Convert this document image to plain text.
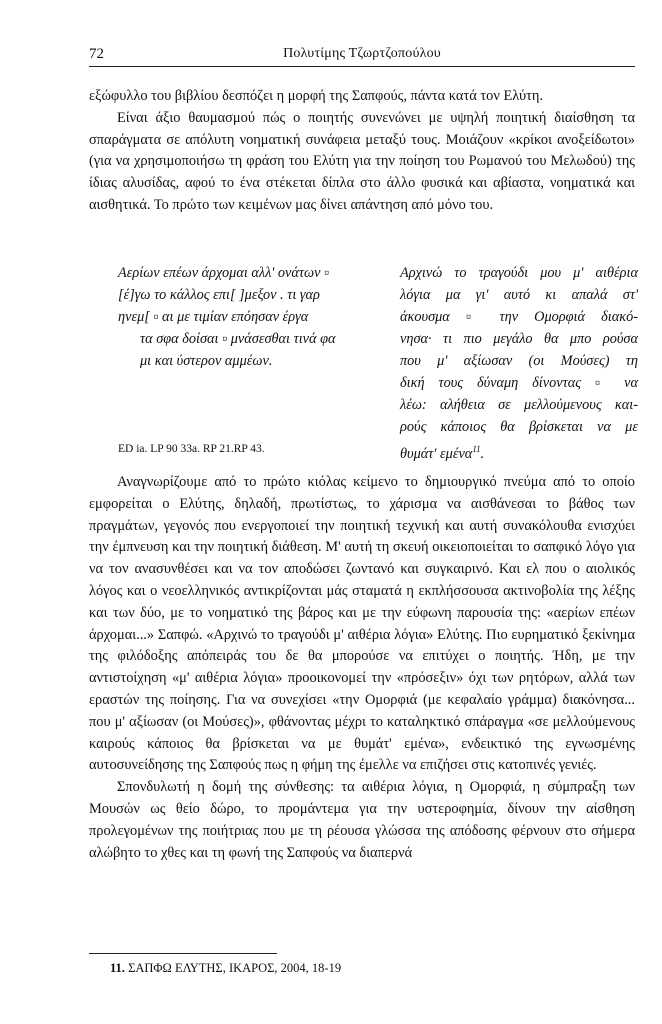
72	Πολυτίμης Τζωρτζοπούλου

εξώφυλλο του βιβλίου δεσπόζει η μορφή της Σαπφούς, πάντα κατά τον Ελύτη.

Είναι άξιο θαυμασμού πώς ο ποιητής συνενώνει με υψηλή ποιητική διαίσθηση τα σπαράγματα σε απόλυτη νοηματική συνάφεια μεταξύ τους. Μοιάζουν «κρίκοι ανοξείδωτοι» (για να χρησιμοποιήσω τη φράση του Ελύτη για την ποίηση του Ρωμανού του Μελωδού) της ίδιας αλυσίδας, αφού το ένα στέκεται δίπλα στο άλλο φυσικά και αβίαστα, νοηματικά και αισθητικά. Το πρώτο των κειμένων μας δίνει απάντηση από μόνο του.

Αερίων επέων άρχομαι αλλ' ονάτων ▫
[έ]γω το κάλλος επι[ ]μεξον . τι γαρ
ηνεμ[ ▫ αι με τιμίαν επόησαν έργα
τα σφα δοίσαι ▫ μνάσεσθαι τινά φα
μι και ύστερον αμμέων.
ED ia. LP 90 33a. RP 21.RP 43.
Αρχινώ το τραγούδι μου μ' αιθέρια
λόγια μα γι' αυτό κι απαλά στ'
άκουσμα ▫ την Ομορφιά διακό-
νησα· τι πιο μεγάλο θα μπο ρούσα
που μ' αξίωσαν (οι Μούσες) τη
δική τους δύναμη δίνοντας ▫ να
λέω: αλήθεια σε μελλούμενους και-
ρούς κάποιος θα βρίσκεται να με
θυμάτ' εμένα$^{11}$.

Αναγνωρίζουμε από το πρώτο κιόλας κείμενο το δημιουργικό πνεύμα από το οποίο εμφορείται ο Ελύτης, δηλαδή, πρωτίστως, το χάρισμα να αισθάνεσαι το βάθος των πραγμάτων, γεγονός που ενεργοποιεί την ποιητική τεχνική και αυτή συνακόλουθα ενισχύει την έμπνευση και την ποιητική διάθεση. Μ' αυτή τη σκευή οικειοποιείται το σαπφικό λόγο για να τον ανασυνθέσει και να τον αποδώσει ζωντανό και συγκαιρινό. Και ελ που ο αιολικός λόγος και ο νεοελληνικός αντικρίζονται μάς σταματά η εκπλήσσουσα ακτινοβολία της λέξης και των δύο, με το νοηματικό της βάρος και με την εύφωνη παρουσία της: «αερίων επέων άρχομαι...» Σαπφώ. «Αρχινώ το τραγούδι μ' αιθέρια λόγια» Ελύτης. Πιο ευρηματικό ξεκίνημα της φιλόδοξης απόπειράς του δε θα μπορούσε να επιτύχει ο ποιητής. Ήδη, με την αντιστοίχηση «μ' αιθέρια λόγια» προοικονομεί την «πρόσεξιν» όχι των ρητόρων, αλλά των εραστών της ποίησης. Για να συνεχίσει «την Ομορφιά (με κεφαλαίο γράμμα) διακόνησα... που μ' αξίωσαν (οι Μούσες)», φθάνοντας μέχρι το καταληκτικό σπάραγμα «σε μελλούμενους καιρούς κάποιος θα βρίσκεται να με θυμάτ' εμένα», ενδεικτικό της εγνωσμένης αυτοσυνείδησης της Σαπφούς πως η φήμη της έμελλε να επιζήσει στις κατοπινές γενιές.

Σπονδυλωτή η δομή της σύνθεσης: τα αιθέρια λόγια, η Ομορφιά, η σύμπραξη των Μουσών ως θείο δώρο, το προμάντεμα για την υστεροφημία, δίνουν την αίσθηση προλεγομένων της ποιήτριας που με τη ρέουσα γλώσσα της απόδοσης φέρνουν στο σήμερα αλώβητο το χθες και τη φωνή της Σαπφούς να διαπερνά

11. ΣΑΠΦΩ ΕΛΥΤΗΣ, ΙΚΑΡΟΣ, 2004, 18-19
